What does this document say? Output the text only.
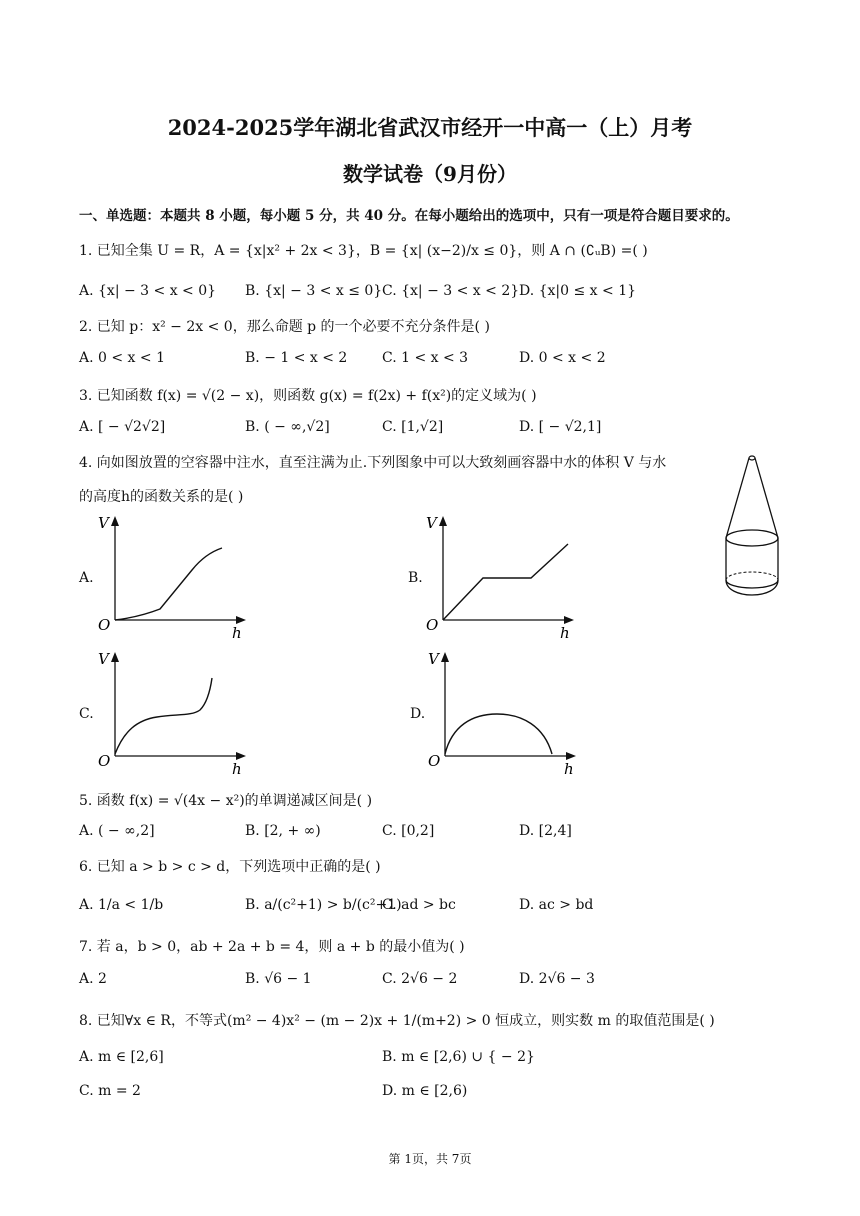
2024-2025学年湖北省武汉市经开一中高一（上）月考
数学试卷（9月份）
一、单选题：本题共 8 小题，每小题 5 分，共 40 分。在每小题给出的选项中，只有一项是符合题目要求的。
1. 已知全集 U = R，A = {x|x² + 2x < 3}，B = {x| (x−2)/x ≤ 0}，则 A ∩ (∁ᵤB) =( )
A. {x| − 3 < x < 0} B. {x| − 3 < x ≤ 0} C. {x| − 3 < x < 2} D. {x|0 ≤ x < 1}
2. 已知 p：x² − 2x < 0，那么命题 p 的一个必要不充分条件是( )
A. 0 < x < 1	B. − 1 < x < 2 C. 1 < x < 3	D. 0 < x < 2
3. 已知函数 f(x) = √(2 − x)，则函数 g(x) = f(2x) + f(x²)的定义域为( )
A. [ − √2√2]	B. ( − ∞,√2]	C. [1,√2]	D. [ − √2,1]
4. 向如图放置的空容器中注水，直至注满为止.下列图象中可以大致刻画容器中水的体积 V 与水
的高度h的函数关系的是( )
A.
V
O	h
B.
V
O	h
C.
V
O	h
D.
V
O	h
5. 函数 f(x) = √(4x − x²)的单调递减区间是( )
A. ( − ∞,2]	B. [2, + ∞)	C. [0,2]	D. [2,4]
6. 已知 a > b > c > d，下列选项中正确的是( )
A. 1/a < 1/b	B. a/(c²+1) > b/(c²+1)
C. ad > bc	D. ac > bd
7. 若 a，b > 0，ab + 2a + b = 4，则 a + b 的最小值为( )
A. 2	B. √6 − 1	C. 2√6 − 2	D. 2√6 − 3
8. 已知∀x ∈ R，不等式(m² − 4)x² − (m − 2)x + 1/(m+2) > 0 恒成立，则实数 m 的取值范围是( )
A. m ∈ [2,6]	B. m ∈ [2,6) ∪ { − 2}
C. m = 2	D. m ∈ [2,6)
第 1页，共 7页
